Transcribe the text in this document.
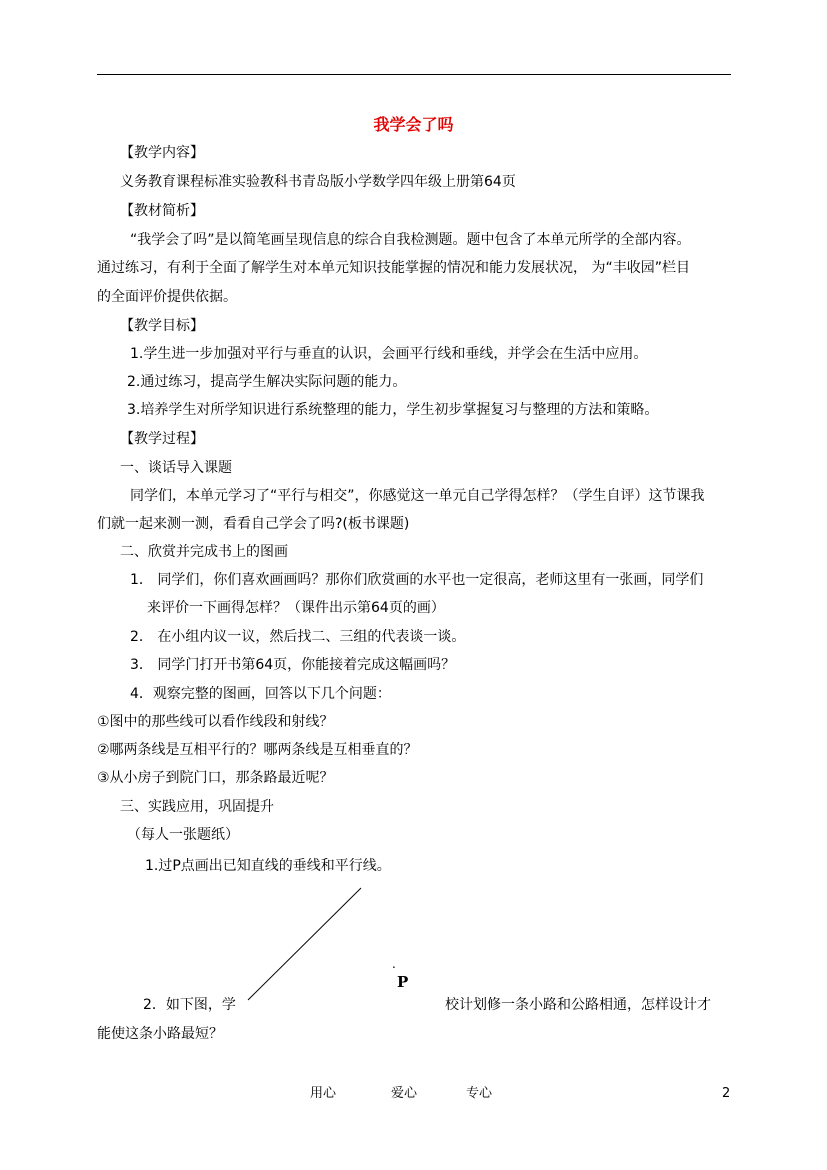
我学会了吗
【教学内容】
义务教育课程标准实验教科书青岛版小学数学四年级上册第64页
【教材简析】
“我学会了吗”是以简笔画呈现信息的综合自我检测题。题中包含了本单元所学的全部内容。
通过练习，有利于全面了解学生对本单元知识技能掌握的情况和能力发展状况， 为“丰收园”栏目
的全面评价提供依据。
【教学目标】
1.学生进一步加强对平行与垂直的认识，会画平行线和垂线，并学会在生活中应用。
2.通过练习，提高学生解决实际问题的能力。
3.培养学生对所学知识进行系统整理的能力，学生初步掌握复习与整理的方法和策略。
【教学过程】
一、谈话导入课题
同学们，本单元学习了“平行与相交”，你感觉这一单元自己学得怎样？（学生自评）这节课我
们就一起来测一测，看看自己学会了吗?(板书课题)
二、欣赏并完成书上的图画
1． 同学们，你们喜欢画画吗？那你们欣赏画的水平也一定很高，老师这里有一张画，同学们
来评价一下画得怎样？（课件出示第64页的画）
2． 在小组内议一议，然后找二、三组的代表谈一谈。
3． 同学门打开书第64页，你能接着完成这幅画吗？
4．观察完整的图画，回答以下几个问题：
①图中的那些线可以看作线段和射线？
②哪两条线是互相平行的？哪两条线是互相垂直的？
③从小房子到院门口，那条路最近呢？
三、实践应用，巩固提升
（每人一张题纸）
1.过P点画出已知直线的垂线和平行线。
.
P
2．如下图，学	校计划修一条小路和公路相通，怎样设计才
能使这条小路最短？
用心	爱心	专心	2
